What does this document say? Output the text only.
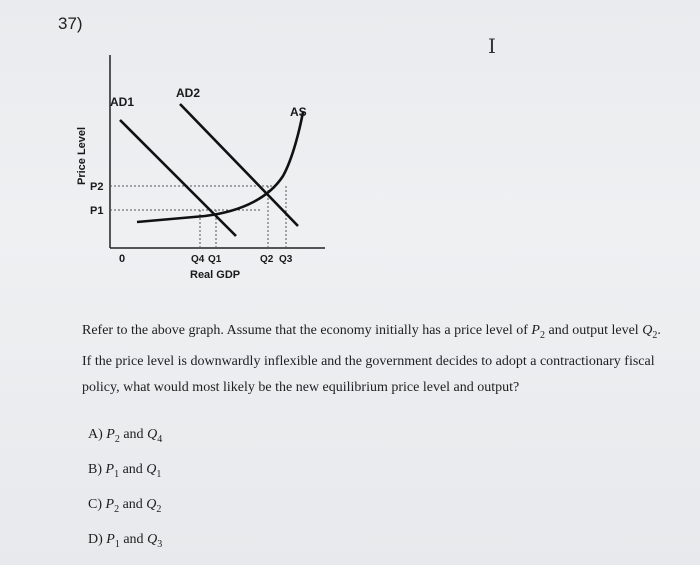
37)
I
Price Level
AD1
AD2
AS
P2
P1
0	Q4 Q1	Q2 Q3
Real GDP
Refer to the above graph. Assume that the economy initially has a price level of $P_2$ and output level $Q_2$. If the price level is downwardly inflexible and the government decides to adopt a contractionary fiscal policy, what would most likely be the new equilibrium price level and output?
A) $P_2$ and $Q_4$
B) $P_1$ and $Q_1$
C) $P_2$ and $Q_2$
D) $P_1$ and $Q_3$
